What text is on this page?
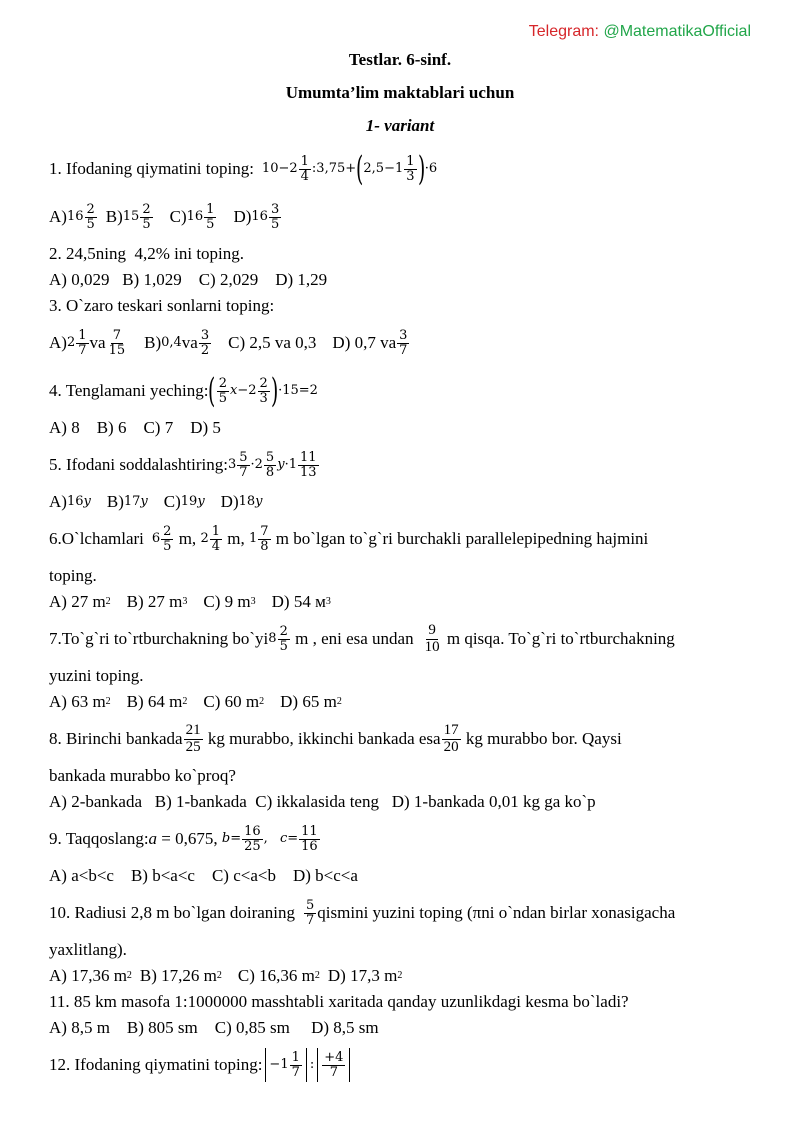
Telegram: @MatematikaOfficial
Testlar. 6-sinf.
Umumta’lim maktablari uchun
1- variant
1. Ifodaning qiymatini toping: $10-2 \frac{1}{4}$ :3,75+ ( $2,5-1 \frac{1}{3}$ ) ·6
A) $16 \frac{2}{5} B$) $15 \frac{2}{5} C$) $16 \frac{1}{5} D$) $16 \frac{3}{5}$
2. 24,5ning  4,2% ini toping.
A) 0,029   B) 1,029    C) 2,029    D) 1,29
3. O`zaro teskari sonlarni toping:
A) $2 \frac{1}{7}$ va $\frac{7}{15} B$) 0,4 va $\frac{3}{2} C$) 2,5 va 0,3 D) 0,7 va $\frac{3}{7}$
4. Tenglamani yeching: ( $\frac{2}{5}$ $x -2 \frac{2}{3}$ ) ·15=2
A) 8    B) 6    C) 7    D) 5
5. Ifodani soddalashtiring: $3 \frac{5}{7} \cdot 2 \frac{5}{8}$ $y \cdot 1 \frac{11}{13}$
A) 16 y B) 17 y C) 19 y D) 18 y
6.O`lchamlari $6 \frac{2}{5} m$, $2 \frac{1}{4} m$, $1 \frac{7}{8}$ m bo`lgan to`g`ri burchakli parallelepipedning hajmini
toping.
A) 27 m 2 B) 27 m 3 C) 9 m 3 D) 54 м 3
7.To`g`ri to`rtburchakning bo`yi $8 \frac{2}{5}$ m , eni esa undan $\frac{9}{10}$ m qisqa. To`g`ri to`rtburchakning
yuzini toping.
A) 63 m 2 B) 64 m 2 C) 60 m 2 D) 65 m 2
8. Birinchi bankada $\frac{21}{25}$ kg murabbo, ikkinchi bankada esa $\frac{17}{20}$ kg murabbo bor. Qaysi
bankada murabbo ko`proq?
A) 2-bankada   B) 1-bankada  C) ikkalasida teng   D) 1-bankada 0,01 kg ga ko`p
9. Taqqoslang: a = 0,675, $b = \frac{16}{25}$ , $c = \frac{11}{16}$
A) a<b<c    B) b<a<c    C) c<a<b    D) b<c<a
10. Radiusi 2,8 m bo`lgan doiraning $\frac{5}{7}$ qismini yuzini toping (πni o`ndan birlar xonasigacha
yaxlitlang).
A) 17,36 m 2 B) 17,26 m 2 C) 16,36 m 2 D) 17,3 m 2
11. 85 km masofa 1:1000000 masshtabli xaritada qanday uzunlikdagi kesma bo`ladi?
A) 8,5 m    B) 805 sm    C) 0,85 sm     D) 8,5 sm
12. Ifodaning qiymatini toping: $-1 \frac{1}{7}$ : $\frac{+4}{7}$
